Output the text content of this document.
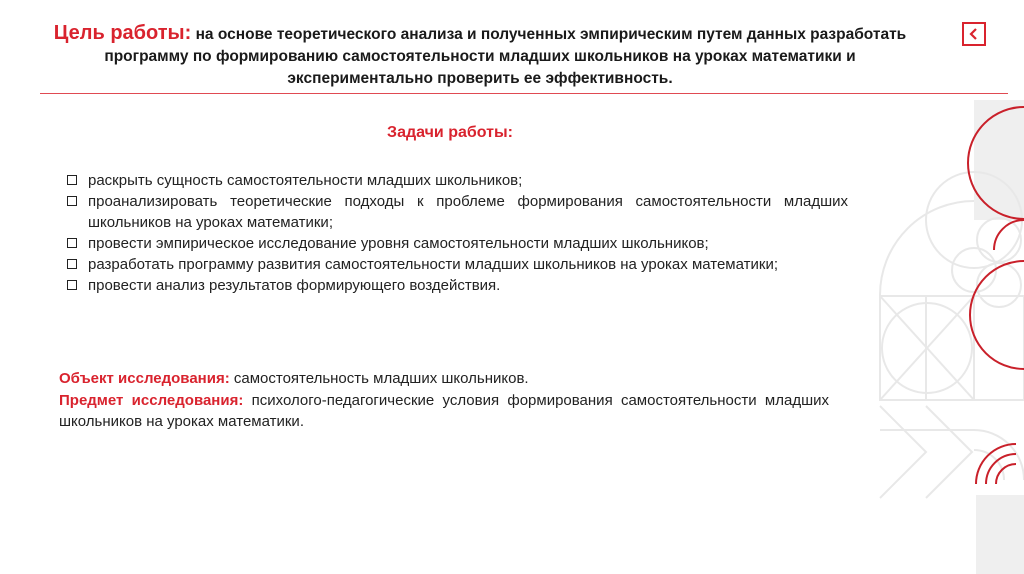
Цель работы: на основе теоретического анализа и полученных эмпирическим путем данных разработать программу по формированию самостоятельности младших школьников на уроках математики и экспериментально проверить ее эффективность.
Задачи работы:
раскрыть сущность самостоятельности младших школьников;
проанализировать теоретические подходы к проблеме формирования самостоятельности младших школьников на уроках математики;
провести эмпирическое исследование уровня самостоятельности младших школьников;
разработать программу развития самостоятельности младших школьников на уроках математики;
провести анализ результатов формирующего воздействия.
Объект исследования: самостоятельность младших школьников.
Предмет исследования: психолого-педагогические условия формирования самостоятельности младших школьников на уроках математики.
